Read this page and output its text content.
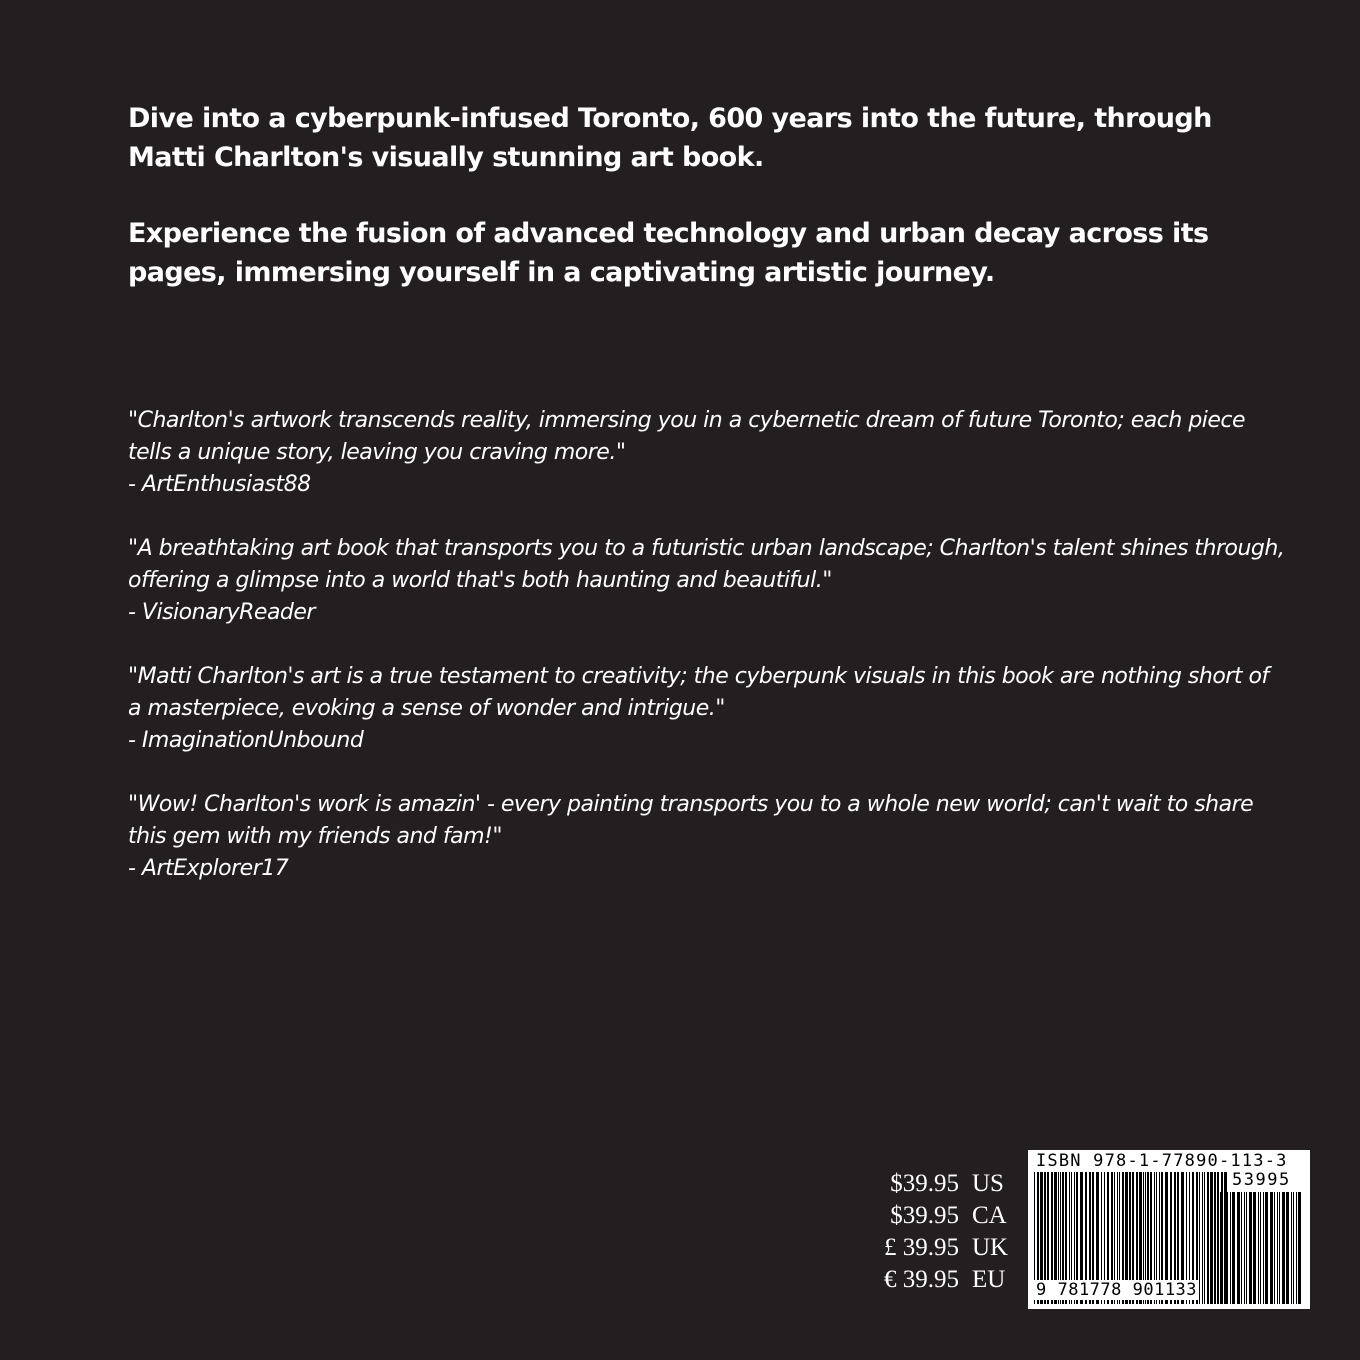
Dive into a cyberpunk-infused Toronto, 600 years into the future, through Matti Charlton's visually stunning art book.

Experience the fusion of advanced technology and urban decay across its pages, immersing yourself in a captivating artistic journey.

"Charlton's artwork transcends reality, immersing you in a cybernetic dream of future Toronto; each piece tells a unique story, leaving you craving more."
- ArtEnthusiast88
"A breathtaking art book that transports you to a futuristic urban landscape; Charlton's talent shines through, offering a glimpse into a world that's both haunting and beautiful."
- VisionaryReader
"Matti Charlton's art is a true testament to creativity; the cyberpunk visuals in this book are nothing short of a masterpiece, evoking a sense of wonder and intrigue."
- ImaginationUnbound
"Wow! Charlton's work is amazin' - every painting transports you to a whole new world; can't wait to share this gem with my friends and fam!"
- ArtExplorer17
$39.95 US
$39.95 CA
£ 39.95 UK
€ 39.95 EU
ISBN 978-1-77890-113-3
53995
9 781778 901133
